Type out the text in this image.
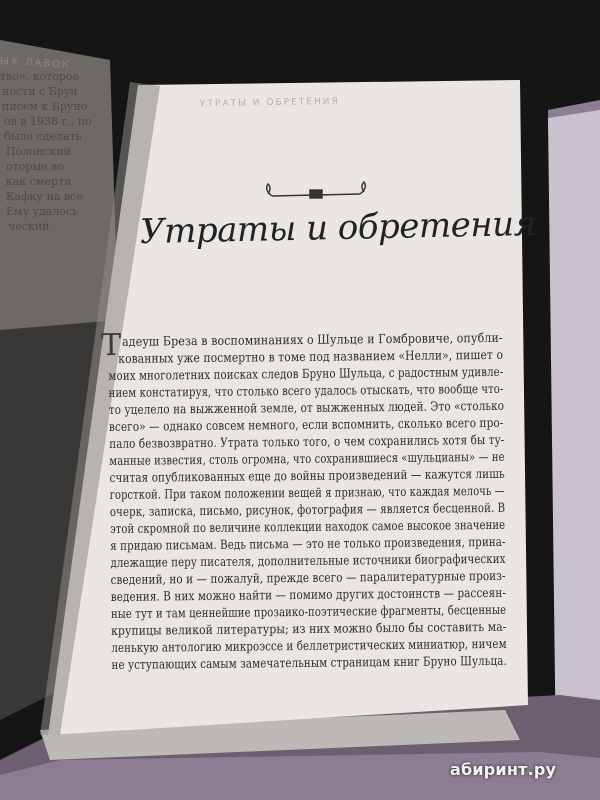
ЫХ ЛАВОК
тво», которое
ности с Брун
писем к Бруно
ов в 1938 г., по
было сделать
Полонский
оторые во
как смерти
Кафку на все
Ему удалось
ческий
УТРАТЫ И ОБРЕТЕНИЯ
Утраты и обретения
Т адеуш Бреза в воспоминаниях о Шульце и Гомбровиче, опубли-
кованных уже посмертно в томе под названием «Нелли», пишет о
моих многолетних поисках следов Бруно Шульца, с радостным удивле-
нием констатируя, что столько всего удалось отыскать, что вообще что-
то уцелело на выжженной земле, от выжженных людей. Это «столько
всего» — однако совсем немного, если вспомнить, сколько всего про-
пало безвозвратно. Утрата только того, о чем сохранились хотя бы ту-
манные известия, столь огромна, что сохранившиеся «шульцианы» — не
считая опубликованных еще до войны произведений — кажутся лишь
горсткой. При таком положении вещей я признаю, что каждая мелочь —
очерк, записка, письмо, рисунок, фотография — является бесценной. В
этой скромной по величине коллекции находок самое высокое значение
я придаю письмам. Ведь письма — это не только произведения, прина-
длежащие перу писателя, дополнительные источники биографических
сведений, но и — пожалуй, прежде всего — паралитературные произ-
ведения. В них можно найти — помимо других достоинств — рассеян-
ные тут и там ценнейшие прозаико-поэтические фрагменты, бесценные
крупицы великой литературы; из них можно было бы составить ма-
ленькую антологию микроэссе и беллетристических миниатюр, ничем
не уступающих самым замечательным страницам книг Бруно Шульца.
абиринт.ру
